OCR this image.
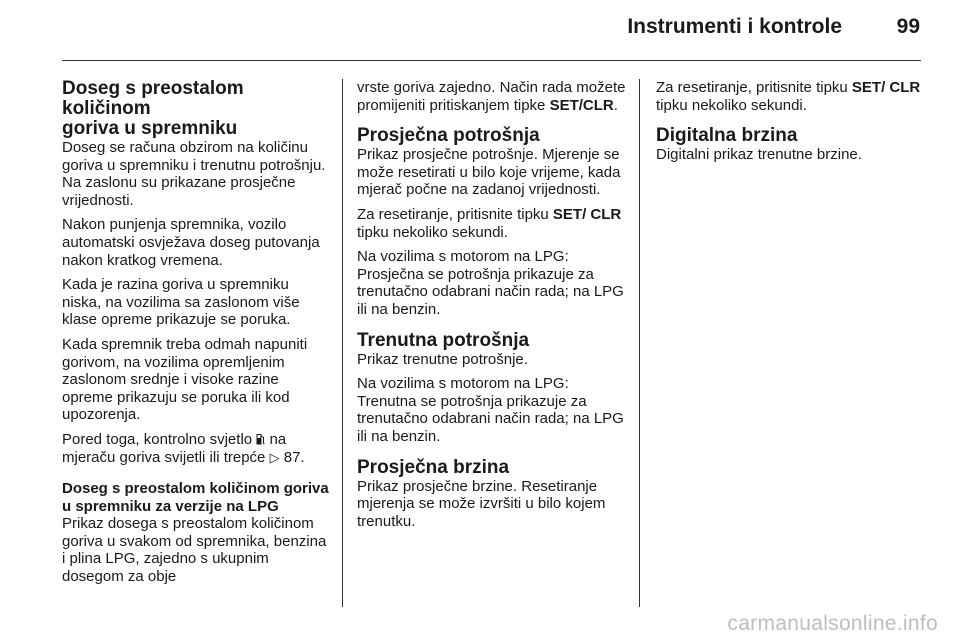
Instrumenti i kontrole	99
Doseg s preostalom količinom
goriva u spremniku

Doseg se računa obzirom na količinu goriva u spremniku i trenutnu potrošnju. Na zaslonu su prikazane prosječne vrijednosti.

Nakon punjenja spremnika, vozilo automatski osvježava doseg putovanja nakon kratkog vremena.

Kada je razina goriva u spremniku niska, na vozilima sa zaslonom više klase opreme prikazuje se poruka.

Kada spremnik treba odmah napuniti gorivom, na vozilima opremljenim zaslonom srednje i visoke razine opreme prikazuju se poruka ili kod upozorenja.

Pored toga, kontrolno svjetlo na mjeraču goriva svijetli ili trepće ▷ 87.

Doseg s preostalom količinom goriva u spremniku za verzije na LPG

Prikaz dosega s preostalom količinom goriva u svakom od spremnika, benzina i plina LPG, zajedno s ukupnim dosegom za obje

vrste goriva zajedno. Način rada možete promijeniti pritiskanjem tipke SET/CLR.

Prosječna potrošnja

Prikaz prosječne potrošnje. Mjerenje se može resetirati u bilo koje vrijeme, kada mjerač počne na zadanoj vrijednosti.

Za resetiranje, pritisnite tipku SET/ CLR tipku nekoliko sekundi.

Na vozilima s motorom na LPG: Prosječna se potrošnja prikazuje za trenutačno odabrani način rada; na LPG ili na benzin.

Trenutna potrošnja

Prikaz trenutne potrošnje.

Na vozilima s motorom na LPG: Trenutna se potrošnja prikazuje za trenutačno odabrani način rada; na LPG ili na benzin.

Prosječna brzina

Prikaz prosječne brzine. Resetiranje mjerenja se može izvršiti u bilo kojem trenutku.

Za resetiranje, pritisnite tipku SET/ CLR tipku nekoliko sekundi.

Digitalna brzina

Digitalni prikaz trenutne brzine.

carmanualsonline.info
